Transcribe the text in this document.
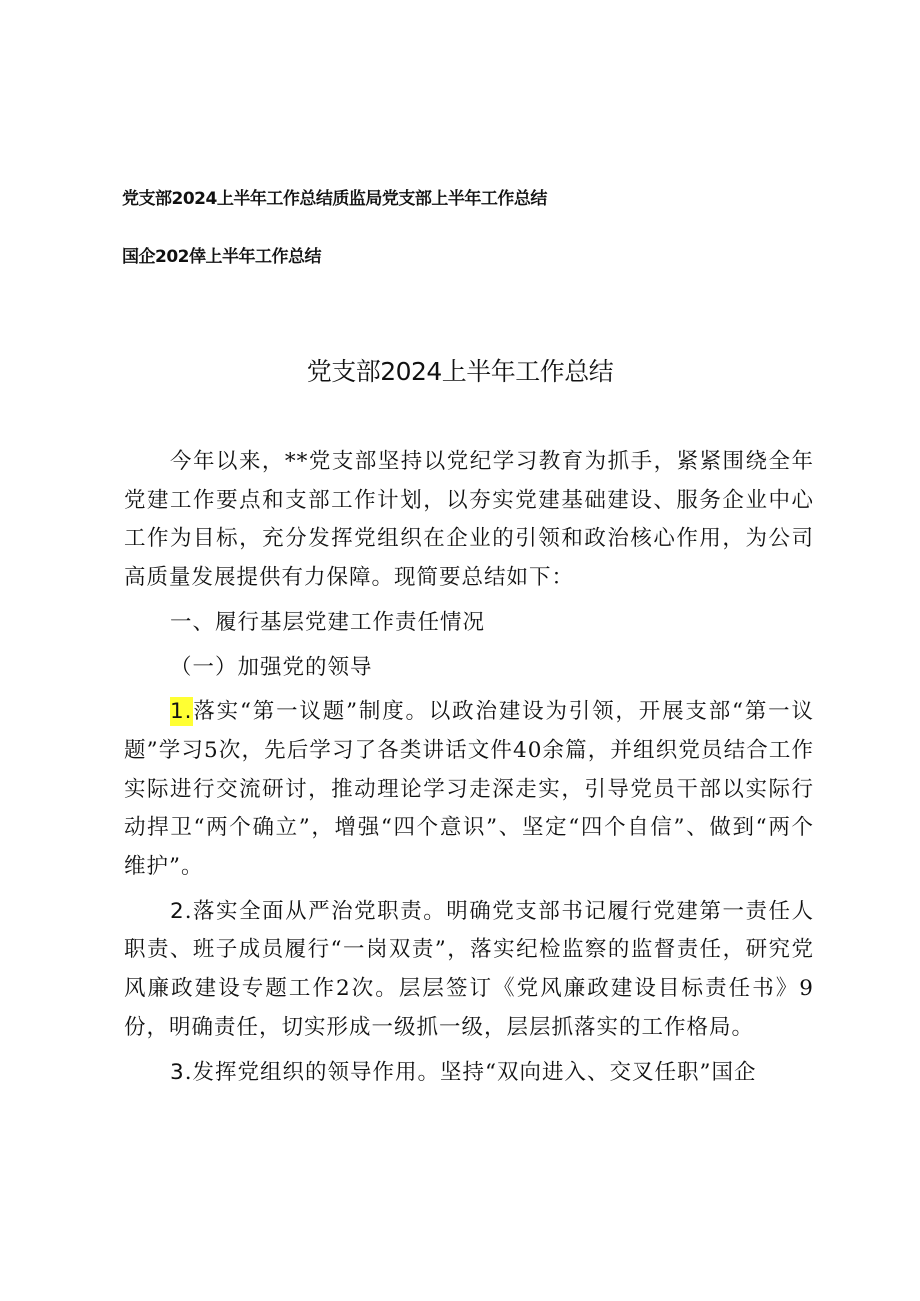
党支部2024上半年工作总结质监局党支部上半年工作总结
国企202倖上半年工作总结
党支部2024上半年工作总结

今年以来，**党支部坚持以党纪学习教育为抓手，紧紧围绕全年党建工作要点和支部工作计划，以夯实党建基础建设、服务企业中心工作为目标，充分发挥党组织在企业的引领和政治核心作用，为公司高质量发展提供有力保障。现简要总结如下：

一、履行基层党建工作责任情况

（一）加强党的领导

1.落实“第一议题”制度。以政治建设为引领，开展支部“第一议题”学习5次，先后学习了各类讲话文件40余篇，并组织党员结合工作实际进行交流研讨，推动理论学习走深走实，引导党员干部以实际行动捍卫“两个确立”，增强“四个意识”、坚定“四个自信”、做到“两个维护”。

2.落实全面从严治党职责。明确党支部书记履行党建第一责任人职责、班子成员履行“一岗双责”，落实纪检监察的监督责任，研究党风廉政建设专题工作2次。层层签订《党风廉政建设目标责任书》9份，明确责任，切实形成一级抓一级，层层抓落实的工作格局。

3.发挥党组织的领导作用。坚持“双向进入、交叉任职”国企
